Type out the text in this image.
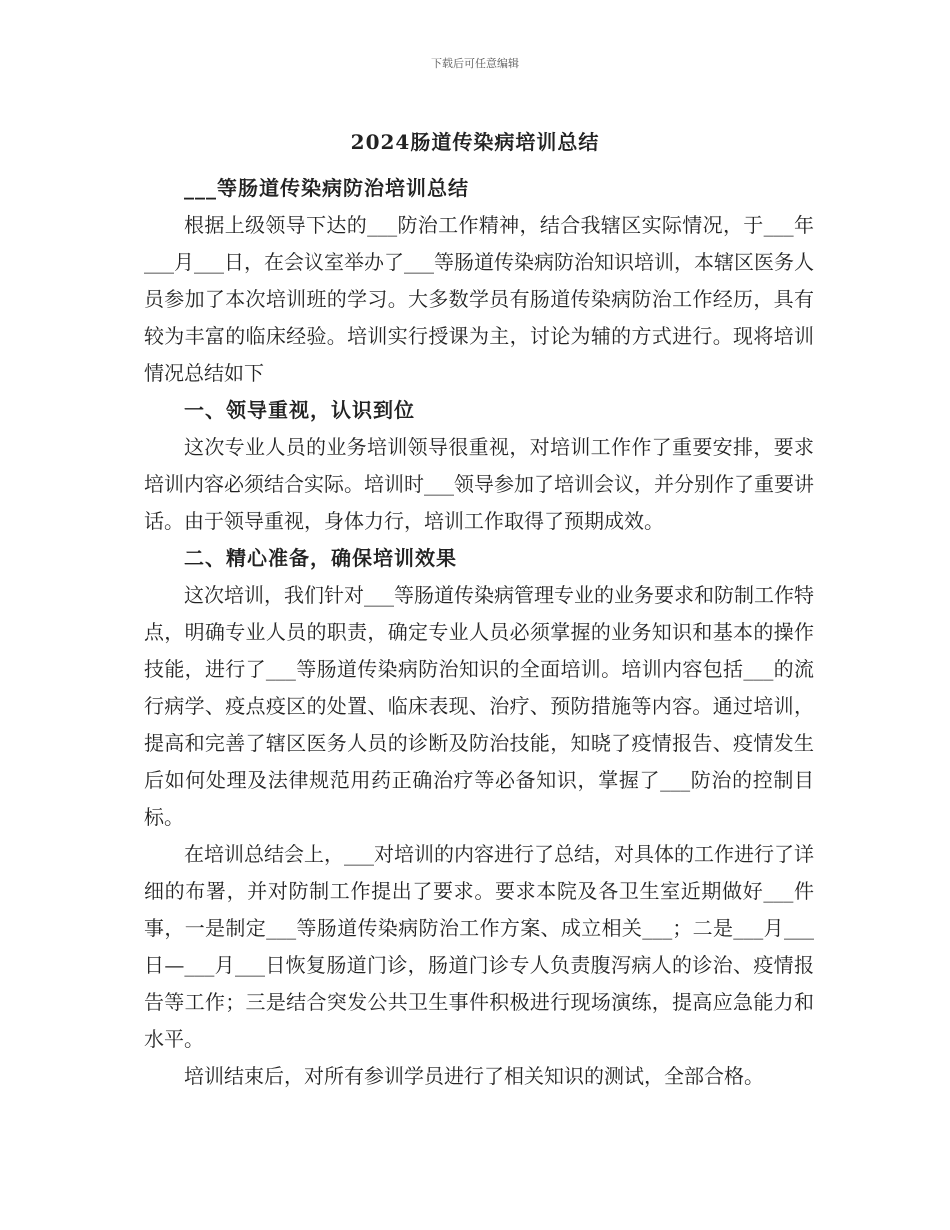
下载后可任意编辑
2024肠道传染病培训总结

___等肠道传染病防治培训总结

根据上级领导下达的___防治工作精神，结合我辖区实际情况，于___年___月___日，在会议室举办了___等肠道传染病防治知识培训，本辖区医务人员参加了本次培训班的学习。大多数学员有肠道传染病防治工作经历，具有较为丰富的临床经验。培训实行授课为主，讨论为辅的方式进行。现将培训情况总结如下

一、领导重视，认识到位

这次专业人员的业务培训领导很重视，对培训工作作了重要安排，要求培训内容必须结合实际。培训时___领导参加了培训会议，并分别作了重要讲话。由于领导重视，身体力行，培训工作取得了预期成效。

二、精心准备，确保培训效果

这次培训，我们针对___等肠道传染病管理专业的业务要求和防制工作特点，明确专业人员的职责，确定专业人员必须掌握的业务知识和基本的操作技能，进行了___等肠道传染病防治知识的全面培训。培训内容包括___的流行病学、疫点疫区的处置、临床表现、治疗、预防措施等内容。通过培训，提高和完善了辖区医务人员的诊断及防治技能，知晓了疫情报告、疫情发生后如何处理及法律规范用药正确治疗等必备知识，掌握了___防治的控制目标。

在培训总结会上，___对培训的内容进行了总结，对具体的工作进行了详细的布署，并对防制工作提出了要求。要求本院及各卫生室近期做好___件事，一是制定___等肠道传染病防治工作方案、成立相关___；二是___月___日—___月___日恢复肠道门诊，肠道门诊专人负责腹泻病人的诊治、疫情报告等工作；三是结合突发公共卫生事件积极进行现场演练，提高应急能力和水平。

培训结束后，对所有参训学员进行了相关知识的测试，全部合格。
